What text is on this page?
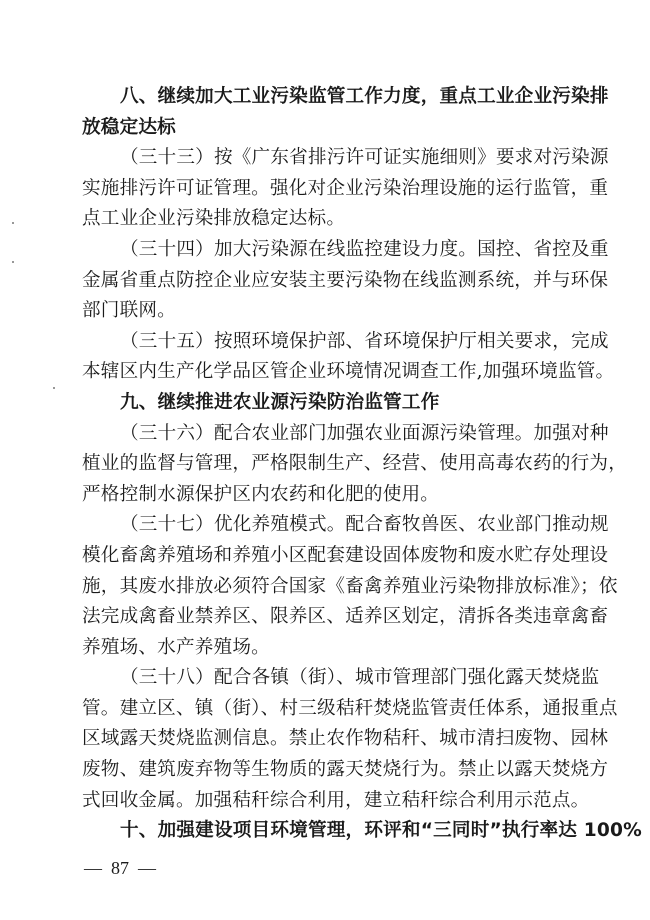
八、继续加大工业污染监管工作力度，重点工业企业污染排
放稳定达标
（三十三）按《广东省排污许可证实施细则》要求对污染源
实施排污许可证管理。强化对企业污染治理设施的运行监管，重
点工业企业污染排放稳定达标。
（三十四）加大污染源在线监控建设力度。国控、省控及重
金属省重点防控企业应安装主要污染物在线监测系统，并与环保
部门联网。
（三十五）按照环境保护部、省环境保护厅相关要求，完成
本辖区内生产化学品区管企业环境情况调查工作,加强环境监管。
九、继续推进农业源污染防治监管工作
（三十六）配合农业部门加强农业面源污染管理。加强对种
植业的监督与管理，严格限制生产、经营、使用高毒农药的行为，
严格控制水源保护区内农药和化肥的使用。
（三十七）优化养殖模式。配合畜牧兽医、农业部门推动规
模化畜禽养殖场和养殖小区配套建设固体废物和废水贮存处理设
施，其废水排放必须符合国家《畜禽养殖业污染物排放标准》；依
法完成禽畜业禁养区、限养区、适养区划定，清拆各类违章禽畜
养殖场、水产养殖场。
（三十八）配合各镇（街）、城市管理部门强化露天焚烧监
管。建立区、镇（街）、村三级秸秆焚烧监管责任体系，通报重点
区域露天焚烧监测信息。禁止农作物秸秆、城市清扫废物、园林
废物、建筑废弃物等生物质的露天焚烧行为。禁止以露天焚烧方
式回收金属。加强秸秆综合利用，建立秸秆综合利用示范点。
十、加强建设项目环境管理，环评和“三同时”执行率达 100%
—  87  —
